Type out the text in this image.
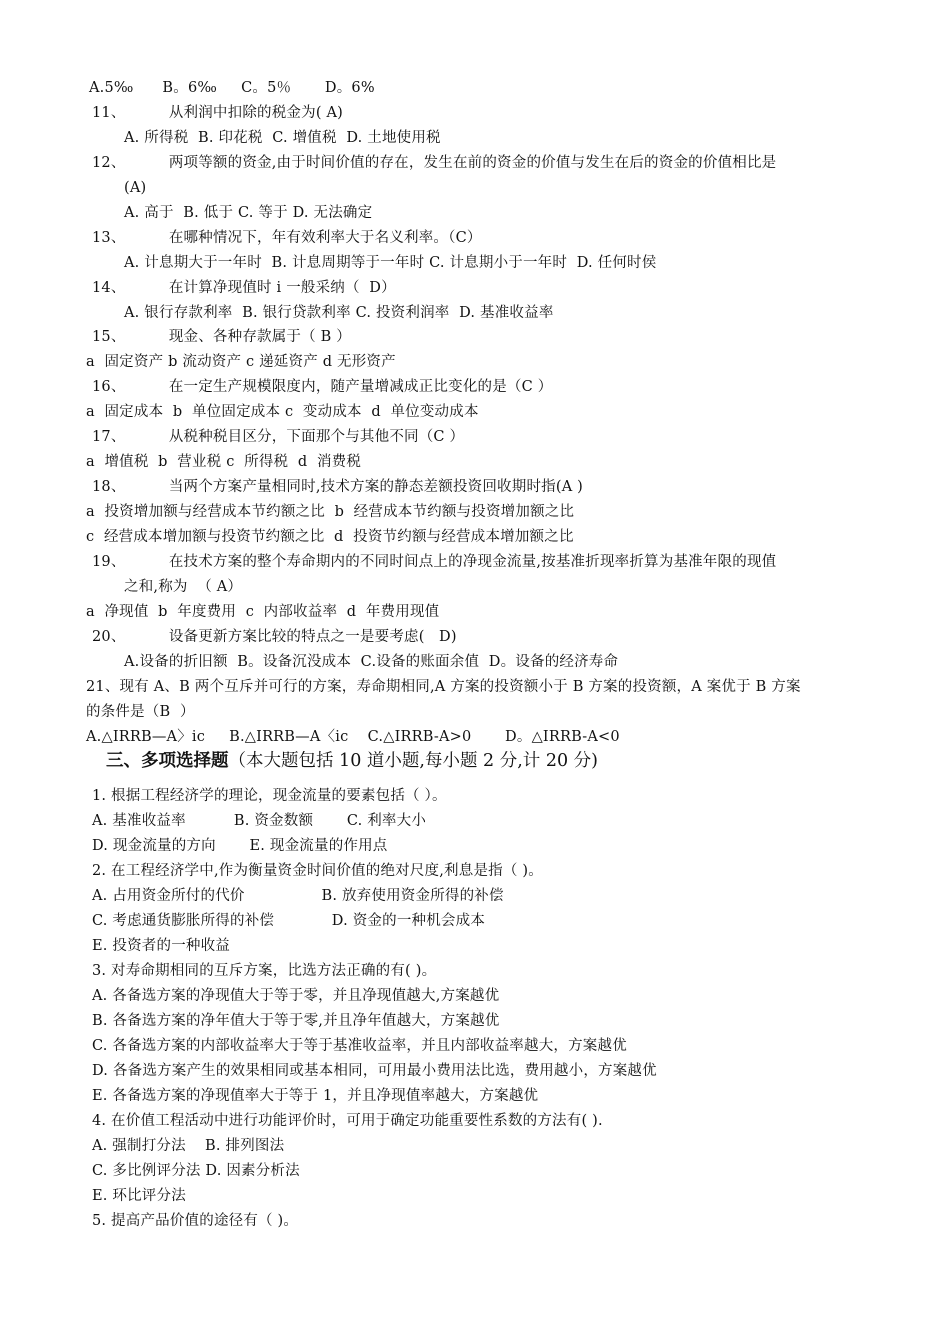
A.5‰      B。6‰     C。5％       D。6%
11、         从利润中扣除的税金为( A)
A. 所得税  B. 印花税  C. 增值税  D. 土地使用税
12、         两项等额的资金,由于时间价值的存在，发生在前的资金的价值与发生在后的资金的价值相比是
(A)
A. 高于  B. 低于 C. 等于 D. 无法确定
13、         在哪种情况下，年有效利率大于名义利率。（C）
A. 计息期大于一年时  B. 计息周期等于一年时 C. 计息期小于一年时  D. 任何时侯
14、         在计算净现值时 i 一般采纳（  D）
A. 银行存款利率  B. 银行贷款利率 C. 投资利润率  D. 基准收益率
15、         现金、各种存款属于（ B ）
a  固定资产 b 流动资产 c 递延资产 d 无形资产
16、         在一定生产规模限度内，随产量增减成正比变化的是（C ）
a  固定成本  b  单位固定成本 c  变动成本  d  单位变动成本
17、         从税种税目区分，下面那个与其他不同（C ）
a  增值税  b  营业税 c  所得税  d  消费税
18、         当两个方案产量相同时,技术方案的静态差额投资回收期时指(A )
a  投资增加额与经营成本节约额之比  b  经营成本节约额与投资增加额之比
c  经营成本增加额与投资节约额之比  d  投资节约额与经营成本增加额之比
19、         在技术方案的整个寿命期内的不同时间点上的净现金流量,按基准折现率折算为基准年限的现值
之和,称为  （ A）
a  净现值  b  年度费用  c  内部收益率  d  年费用现值
20、         设备更新方案比较的特点之一是要考虑(   D)
A.设备的折旧额  B。设备沉没成本  C.设备的账面余值  D。设备的经济寿命
21、现有 A、B 两个互斥并可行的方案，寿命期相同,A 方案的投资额小于 B 方案的投资额，A 案优于 B 方案
的条件是（B  ）
A.△IRRB—A〉ic     B.△IRRB—A〈ic    C.△IRRB-A>0       D。△IRRB-A<0
三、多项选择题（本大题包括 10 道小题,每小题 2 分,计 20 分)
1. 根据工程经济学的理论，现金流量的要素包括（ ）。
A. 基准收益率          B. 资金数额       C. 利率大小
D. 现金流量的方向       E. 现金流量的作用点
2. 在工程经济学中,作为衡量资金时间价值的绝对尺度,利息是指（ )。
A. 占用资金所付的代价                B. 放弃使用资金所得的补偿
C. 考虑通货膨胀所得的补偿            D. 资金的一种机会成本
E. 投资者的一种收益
3. 对寿命期相同的互斥方案，比选方法正确的有( )。
A. 各备选方案的净现值大于等于零，并且净现值越大,方案越优
B. 各备选方案的净年值大于等于零,并且净年值越大，方案越优
C. 各备选方案的内部收益率大于等于基准收益率，并且内部收益率越大，方案越优
D. 各备选方案产生的效果相同或基本相同，可用最小费用法比选，费用越小，方案越优
E. 各备选方案的净现值率大于等于 1，并且净现值率越大，方案越优
4. 在价值工程活动中进行功能评价时，可用于确定功能重要性系数的方法有( ).
A. 强制打分法    B. 排列图法
C. 多比例评分法 D. 因素分析法
E. 环比评分法
5. 提高产品价值的途径有（ )。
